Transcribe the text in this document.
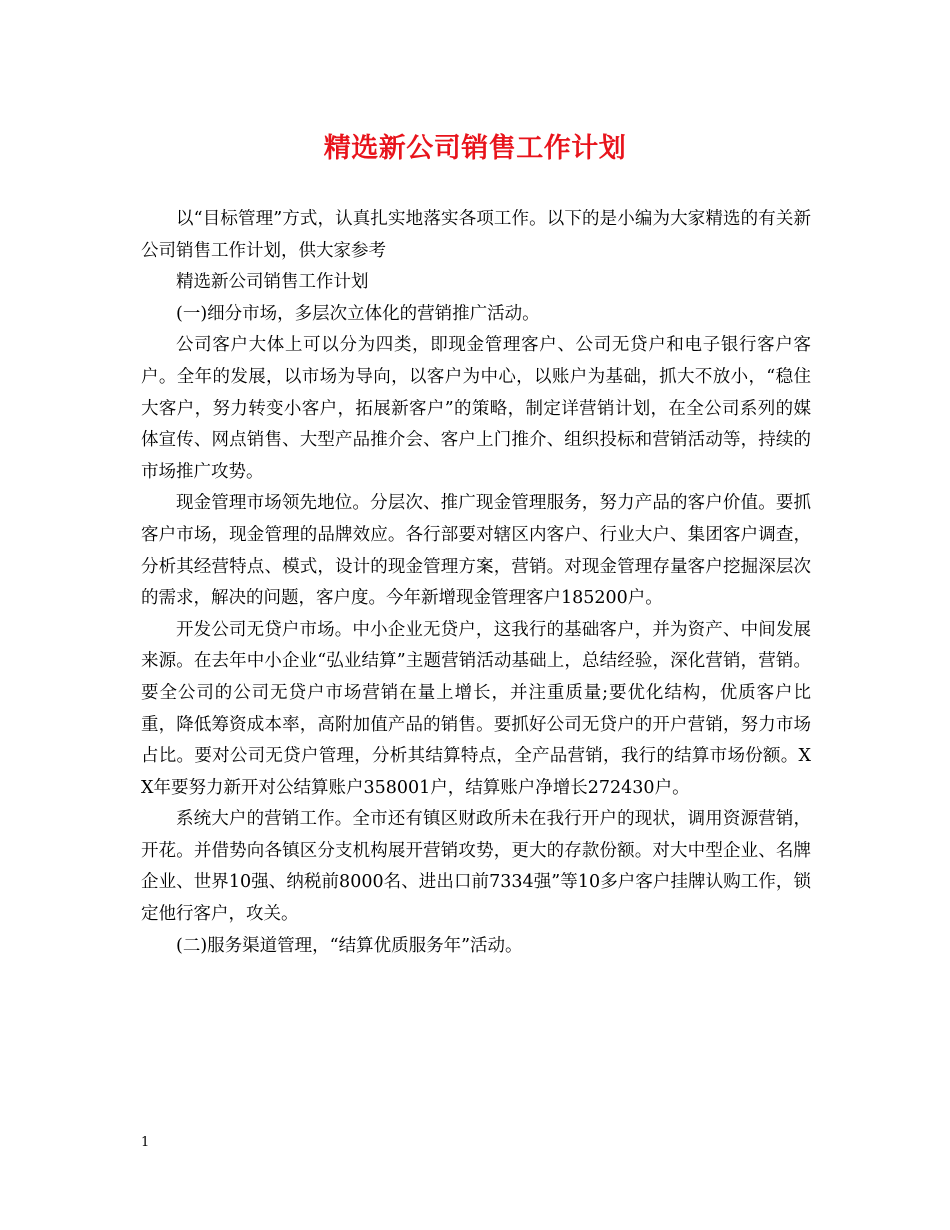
精选新公司销售工作计划

以“目标管理”方式，认真扎实地落实各项工作。以下的是小编为大家精选的有关新公司销售工作计划，供大家参考

精选新公司销售工作计划

(一)细分市场，多层次立体化的营销推广活动。

公司客户大体上可以分为四类，即现金管理客户、公司无贷户和电子银行客户客户。全年的发展，以市场为导向，以客户为中心，以账户为基础，抓大不放小，“稳住大客户，努力转变小客户，拓展新客户”的策略，制定详营销计划，在全公司系列的媒体宣传、网点销售、大型产品推介会、客户上门推介、组织投标和营销活动等，持续的市场推广攻势。

现金管理市场领先地位。分层次、推广现金管理服务，努力产品的客户价值。要抓客户市场，现金管理的品牌效应。各行部要对辖区内客户、行业大户、集团客户调查，分析其经营特点、模式，设计的现金管理方案，营销。对现金管理存量客户挖掘深层次的需求，解决的问题，客户度。今年新增现金管理客户185200户。

开发公司无贷户市场。中小企业无贷户，这我行的基础客户，并为资产、中间发展来源。在去年中小企业“弘业结算”主题营销活动基础上，总结经验，深化营销，营销。要全公司的公司无贷户市场营销在量上增长，并注重质量;要优化结构，优质客户比重，降低筹资成本率，高附加值产品的销售。要抓好公司无贷户的开户营销，努力市场占比。要对公司无贷户管理，分析其结算特点，全产品营销，我行的结算市场份额。XX年要努力新开对公结算账户358001户，结算账户净增长272430户。

系统大户的营销工作。全市还有镇区财政所未在我行开户的现状，调用资源营销，开花。并借势向各镇区分支机构展开营销攻势，更大的存款份额。对大中型企业、名牌企业、世界10强、纳税前8000名、进出口前7334强”等10多户客户挂牌认购工作，锁定他行客户，攻关。

(二)服务渠道管理，“结算优质服务年”活动。

1
